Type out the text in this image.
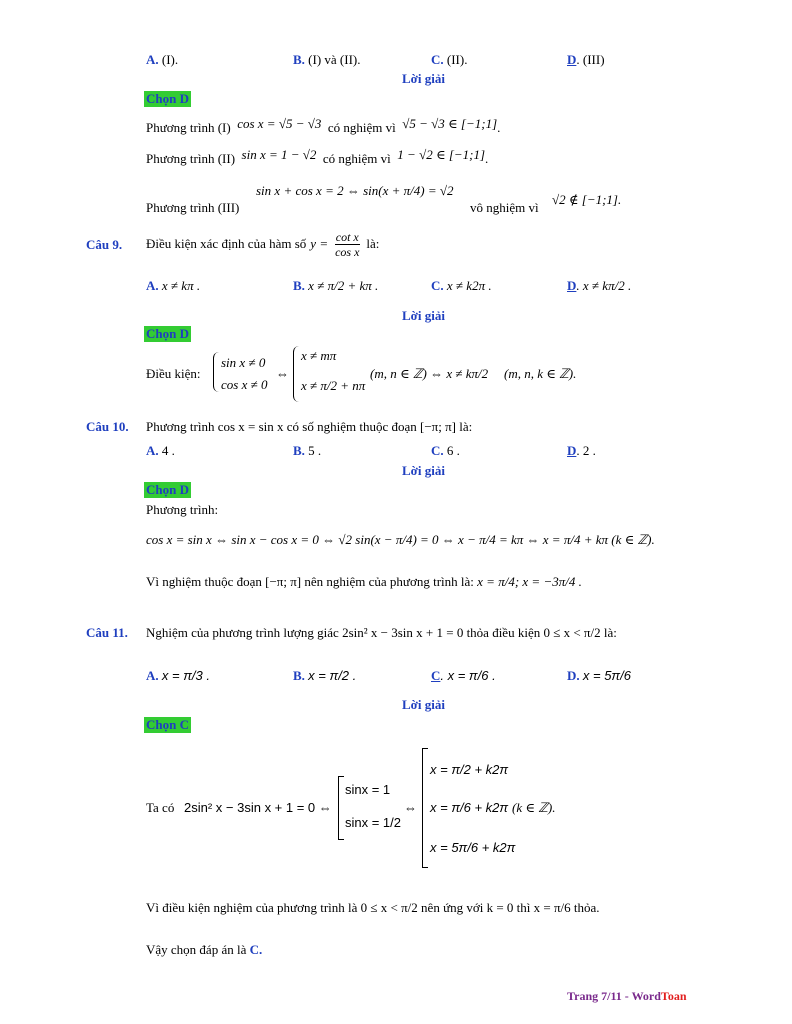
A. (I).	B. (I) và (II).	C. (II).	D. (III)
Lời giải
Chọn D
Phương trình (I) cos x = √5 − √3 có nghiệm vì √5 − √3 ∈ [−1;1].
Phương trình (II) sin x = 1 − √2 có nghiệm vì 1 − √2 ∈ [−1;1].
Phương trình (III)
sin x + cos x = 2 ⇔ sin(x + π/4) = √2
vô nghiệm vì
√2 ∉ [−1;1].
Câu 9. Điều kiện xác định của hàm số $y = \frac{\text{cot x}}{\text{cos x}}$ là:
A. x ≠ kπ .	B. x ≠ π/2 + kπ .	C. x ≠ k2π .	D. x ≠ kπ/2 .
Lời giải
Chọn D
Điều kiện:
sin x ≠ 0
cos x ≠ 0
⇔
x ≠ mπ
x ≠ π/2 + nπ
(m, n ∈ ℤ) ⇔ x ≠ kπ/2 (m, n, k ∈ ℤ).
Câu 10. Phương trình cos x = sin x có số nghiệm thuộc đoạn [−π; π] là:
A. 4 .	B. 5 .	C. 6 .	D. 2 .
Lời giải
Chọn D
Phương trình:
cos x = sin x ⇔ sin x − cos x = 0 ⇔ √2 sin(x − π/4) = 0 ⇔ x − π/4 = kπ ⇔ x = π/4 + kπ (k ∈ ℤ).
Vì nghiệm thuộc đoạn [−π; π] nên nghiệm của phương trình là: x = π/4; x = −3π/4 .
Câu 11. Nghiệm của phương trình lượng giác 2sin² x − 3sin x + 1 = 0 thỏa điều kiện 0 ≤ x < π/2 là:
A. x = π/3 .	B. x = π/2 .	C. x = π/6 .	D. x = 5π/6
Lời giải
Chọn C
Ta có 2sin² x − 3sin x + 1 = 0 ⇔
sinx = 1
sinx = 1/2
⇔
x = π/2 + k2π
x = π/6 + k2π
x = 5π/6 + k2π
(k ∈ ℤ).
Vì điều kiện nghiệm của phương trình là 0 ≤ x < π/2 nên ứng với k = 0 thì x = π/6 thỏa.
Vậy chọn đáp án là C.
Trang 7/11 - WordToan
